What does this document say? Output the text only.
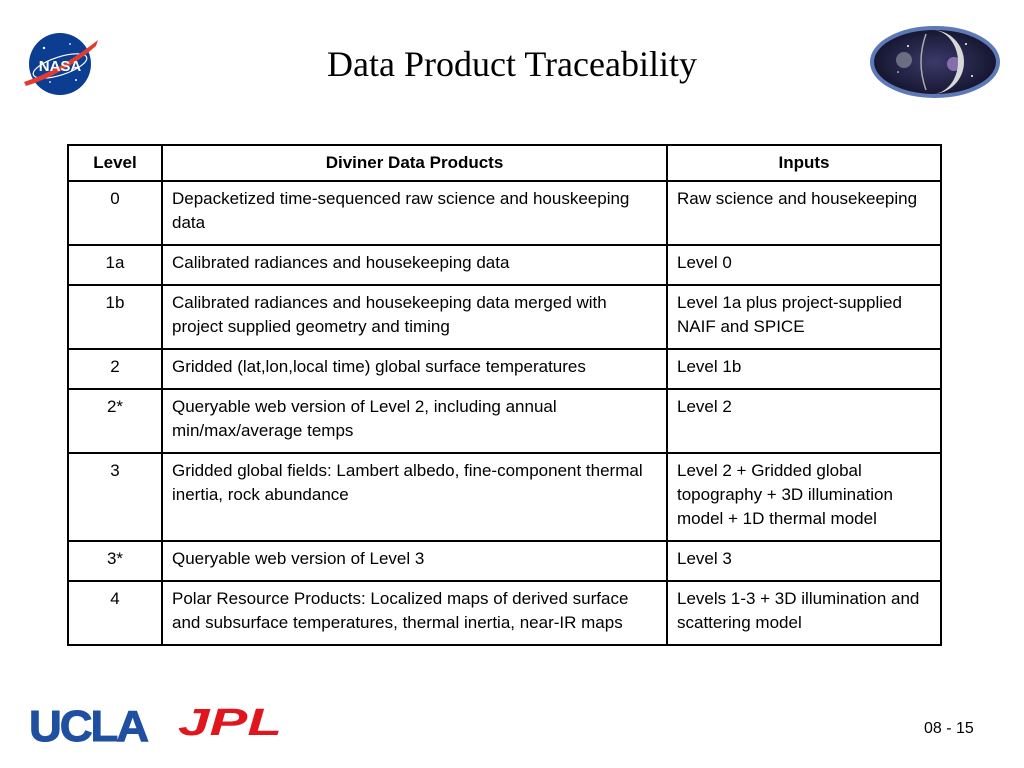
NASA	Data Product Traceability
Level	Diviner Data Products	Inputs
0	Depacketized time-sequenced raw science and houskeeping data	Raw science and housekeeping
1a	Calibrated radiances and housekeeping data	Level 0
1b	Calibrated radiances and housekeeping data merged with project supplied geometry and timing	Level 1a plus project-supplied NAIF and SPICE
2	Gridded (lat,lon,local time) global surface temperatures	Level 1b
2*	Queryable web version of Level 2, including annual min/max/average temps	Level 2
3	Gridded global fields: Lambert albedo, fine-component thermal inertia, rock abundance	Level 2 + Gridded global topography + 3D illumination model + 1D thermal model
3*	Queryable web version of Level 3	Level 3
4	Polar Resource Products: Localized maps of derived surface and subsurface temperatures, thermal inertia, near-IR maps	Levels 1-3 + 3D illumination and scattering model
UCLA JPL	08 - 15
